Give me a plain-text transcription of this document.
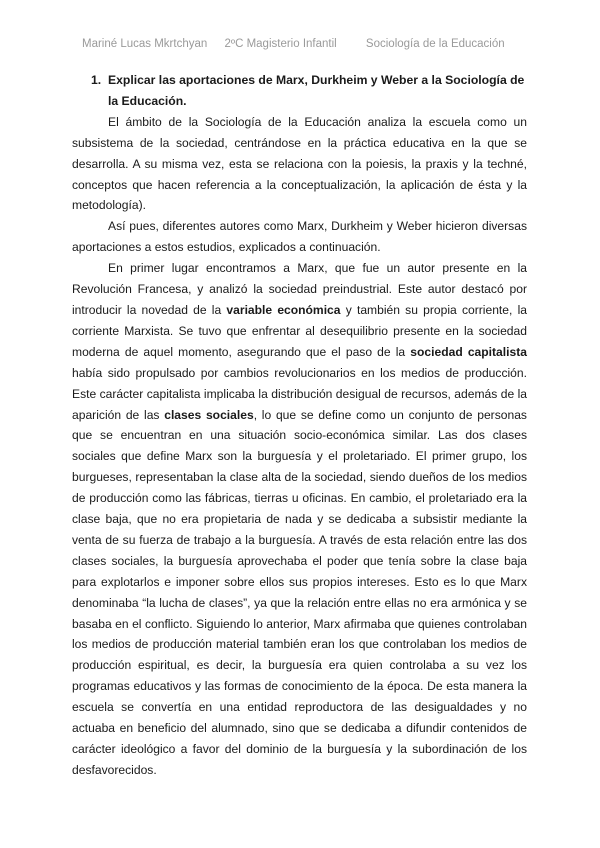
Mariné Lucas Mkrtchyan 2ºC Magisterio Infantil	Sociología de la Educación
1. Explicar las aportaciones de Marx, Durkheim y Weber a la Sociología de la Educación.

El ámbito de la Sociología de la Educación analiza la escuela como un subsistema de la sociedad, centrándose en la práctica educativa en la que se desarrolla. A su misma vez, esta se relaciona con la poiesis, la praxis y la techné, conceptos que hacen referencia a la conceptualización, la aplicación de ésta y la metodología).

Así pues, diferentes autores como Marx, Durkheim y Weber hicieron diversas aportaciones a estos estudios, explicados a continuación.

En primer lugar encontramos a Marx, que fue un autor presente en la Revolución Francesa, y analizó la sociedad preindustrial. Este autor destacó por introducir la novedad de la variable económica y también su propia corriente, la corriente Marxista. Se tuvo que enfrentar al desequilibrio presente en la sociedad moderna de aquel momento, asegurando que el paso de la sociedad capitalista había sido propulsado por cambios revolucionarios en los medios de producción. Este carácter capitalista implicaba la distribución desigual de recursos, además de la aparición de las clases sociales, lo que se define como un conjunto de personas que se encuentran en una situación socio-económica similar. Las dos clases sociales que define Marx son la burguesía y el proletariado. El primer grupo, los burgueses, representaban la clase alta de la sociedad, siendo dueños de los medios de producción como las fábricas, tierras u oficinas. En cambio, el proletariado era la clase baja, que no era propietaria de nada y se dedicaba a subsistir mediante la venta de su fuerza de trabajo a la burguesía. A través de esta relación entre las dos clases sociales, la burguesía aprovechaba el poder que tenía sobre la clase baja para explotarlos e imponer sobre ellos sus propios intereses. Esto es lo que Marx denominaba “la lucha de clases”, ya que la relación entre ellas no era armónica y se basaba en el conflicto. Siguiendo lo anterior, Marx afirmaba que quienes controlaban los medios de producción material también eran los que controlaban los medios de producción espiritual, es decir, la burguesía era quien controlaba a su vez los programas educativos y las formas de conocimiento de la época. De esta manera la escuela se convertía en una entidad reproductora de las desigualdades y no actuaba en beneficio del alumnado, sino que se dedicaba a difundir contenidos de carácter ideológico a favor del dominio de la burguesía y la subordinación de los desfavorecidos.
